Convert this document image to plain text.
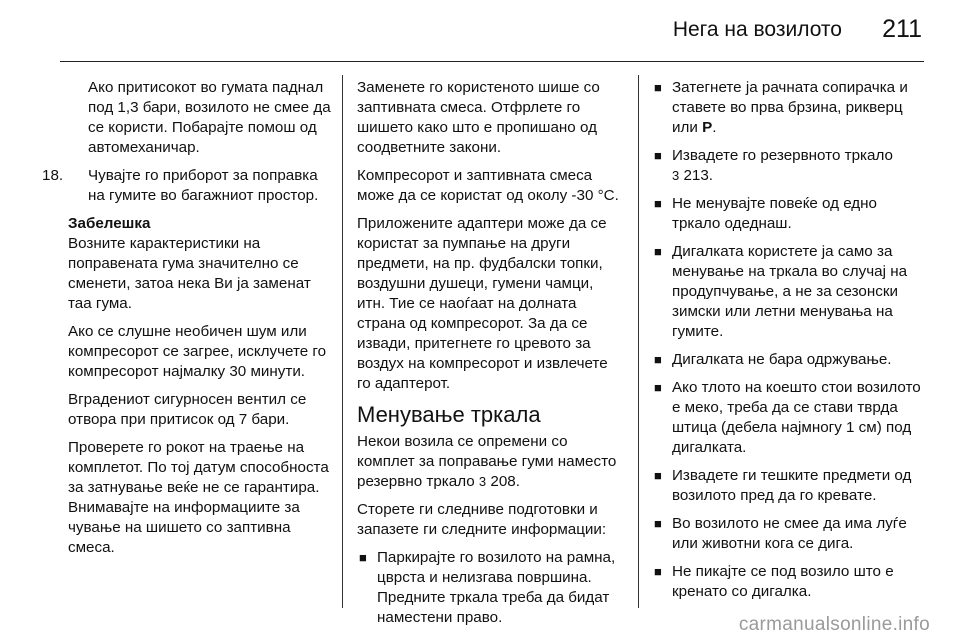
Нега на возилото 211

Ако притисокот во гумата паднал под 1,3 бари, возилото не смее да се користи. Побарајте помош од автомеханичар.

18.	Чувајте го приборот за поправка на гумите во багажниот простор.

Забелешка

Возните карактеристики на поправената гума значително се сменети, затоа нека Ви ја заменат таа гума.

Ако се слушне необичен шум или компресорот се загрее, исклучете го компресорот најмалку 30 минути.

Вградениот сигурносен вентил се отвора при притисок од 7 бари.

Проверете го рокот на траење на комплетот. По тој датум способноста за затнување веќе не се гарантира. Внимавајте на информациите за чување на шишето со заптивна смеса.

Заменете го користеното шише со заптивната смеса. Отфрлете го шишето како што е пропишано од соодветните закони.

Компресорот и заптивната смеса може да се користат од околу -30 °C.

Приложените адаптери може да се користат за пумпање на други предмети, на пр. фудбалски топки, воздушни душеци, гумени чамци, итн. Тие се наоѓаат на долната страна од компресорот. За да се извади, притегнете го цревото за воздух на компресорот и извлечете го адаптерот.

Менување тркала

Некои возила се опремени со комплет за поправање гуми наместо резервно тркало 3 208.

Сторете ги следниве подготовки и запазете ги следните информации:

■ Паркирајте го возилото на рамна, цврста и нелизгава површина. Предните тркала треба да бидат наместени право.
■ Затегнете ја рачната сопирачка и ставете во прва брзина, рикверц или P.
■ Извадете го резервното тркало
3 213.
■ Не менувајте повеќе од едно тркало одеднаш.
■ Дигалката користете ја само за менување на тркала во случај на продупчување, а не за сезонски зимски или летни менувања на гумите.
■ Дигалката не бара одржување.
■ Ако тлото на коешто стои возилото е меко, треба да се стави тврда штица (дебела најмногу 1 см) под дигалката.
■ Извадете ги тешките предмети од возилото пред да го кревате.
■ Во возилото не смее да има луѓе или животни кога се дига.
■ Не пикајте се под возило што е кренато со дигалка.
carmanualsonline.info
